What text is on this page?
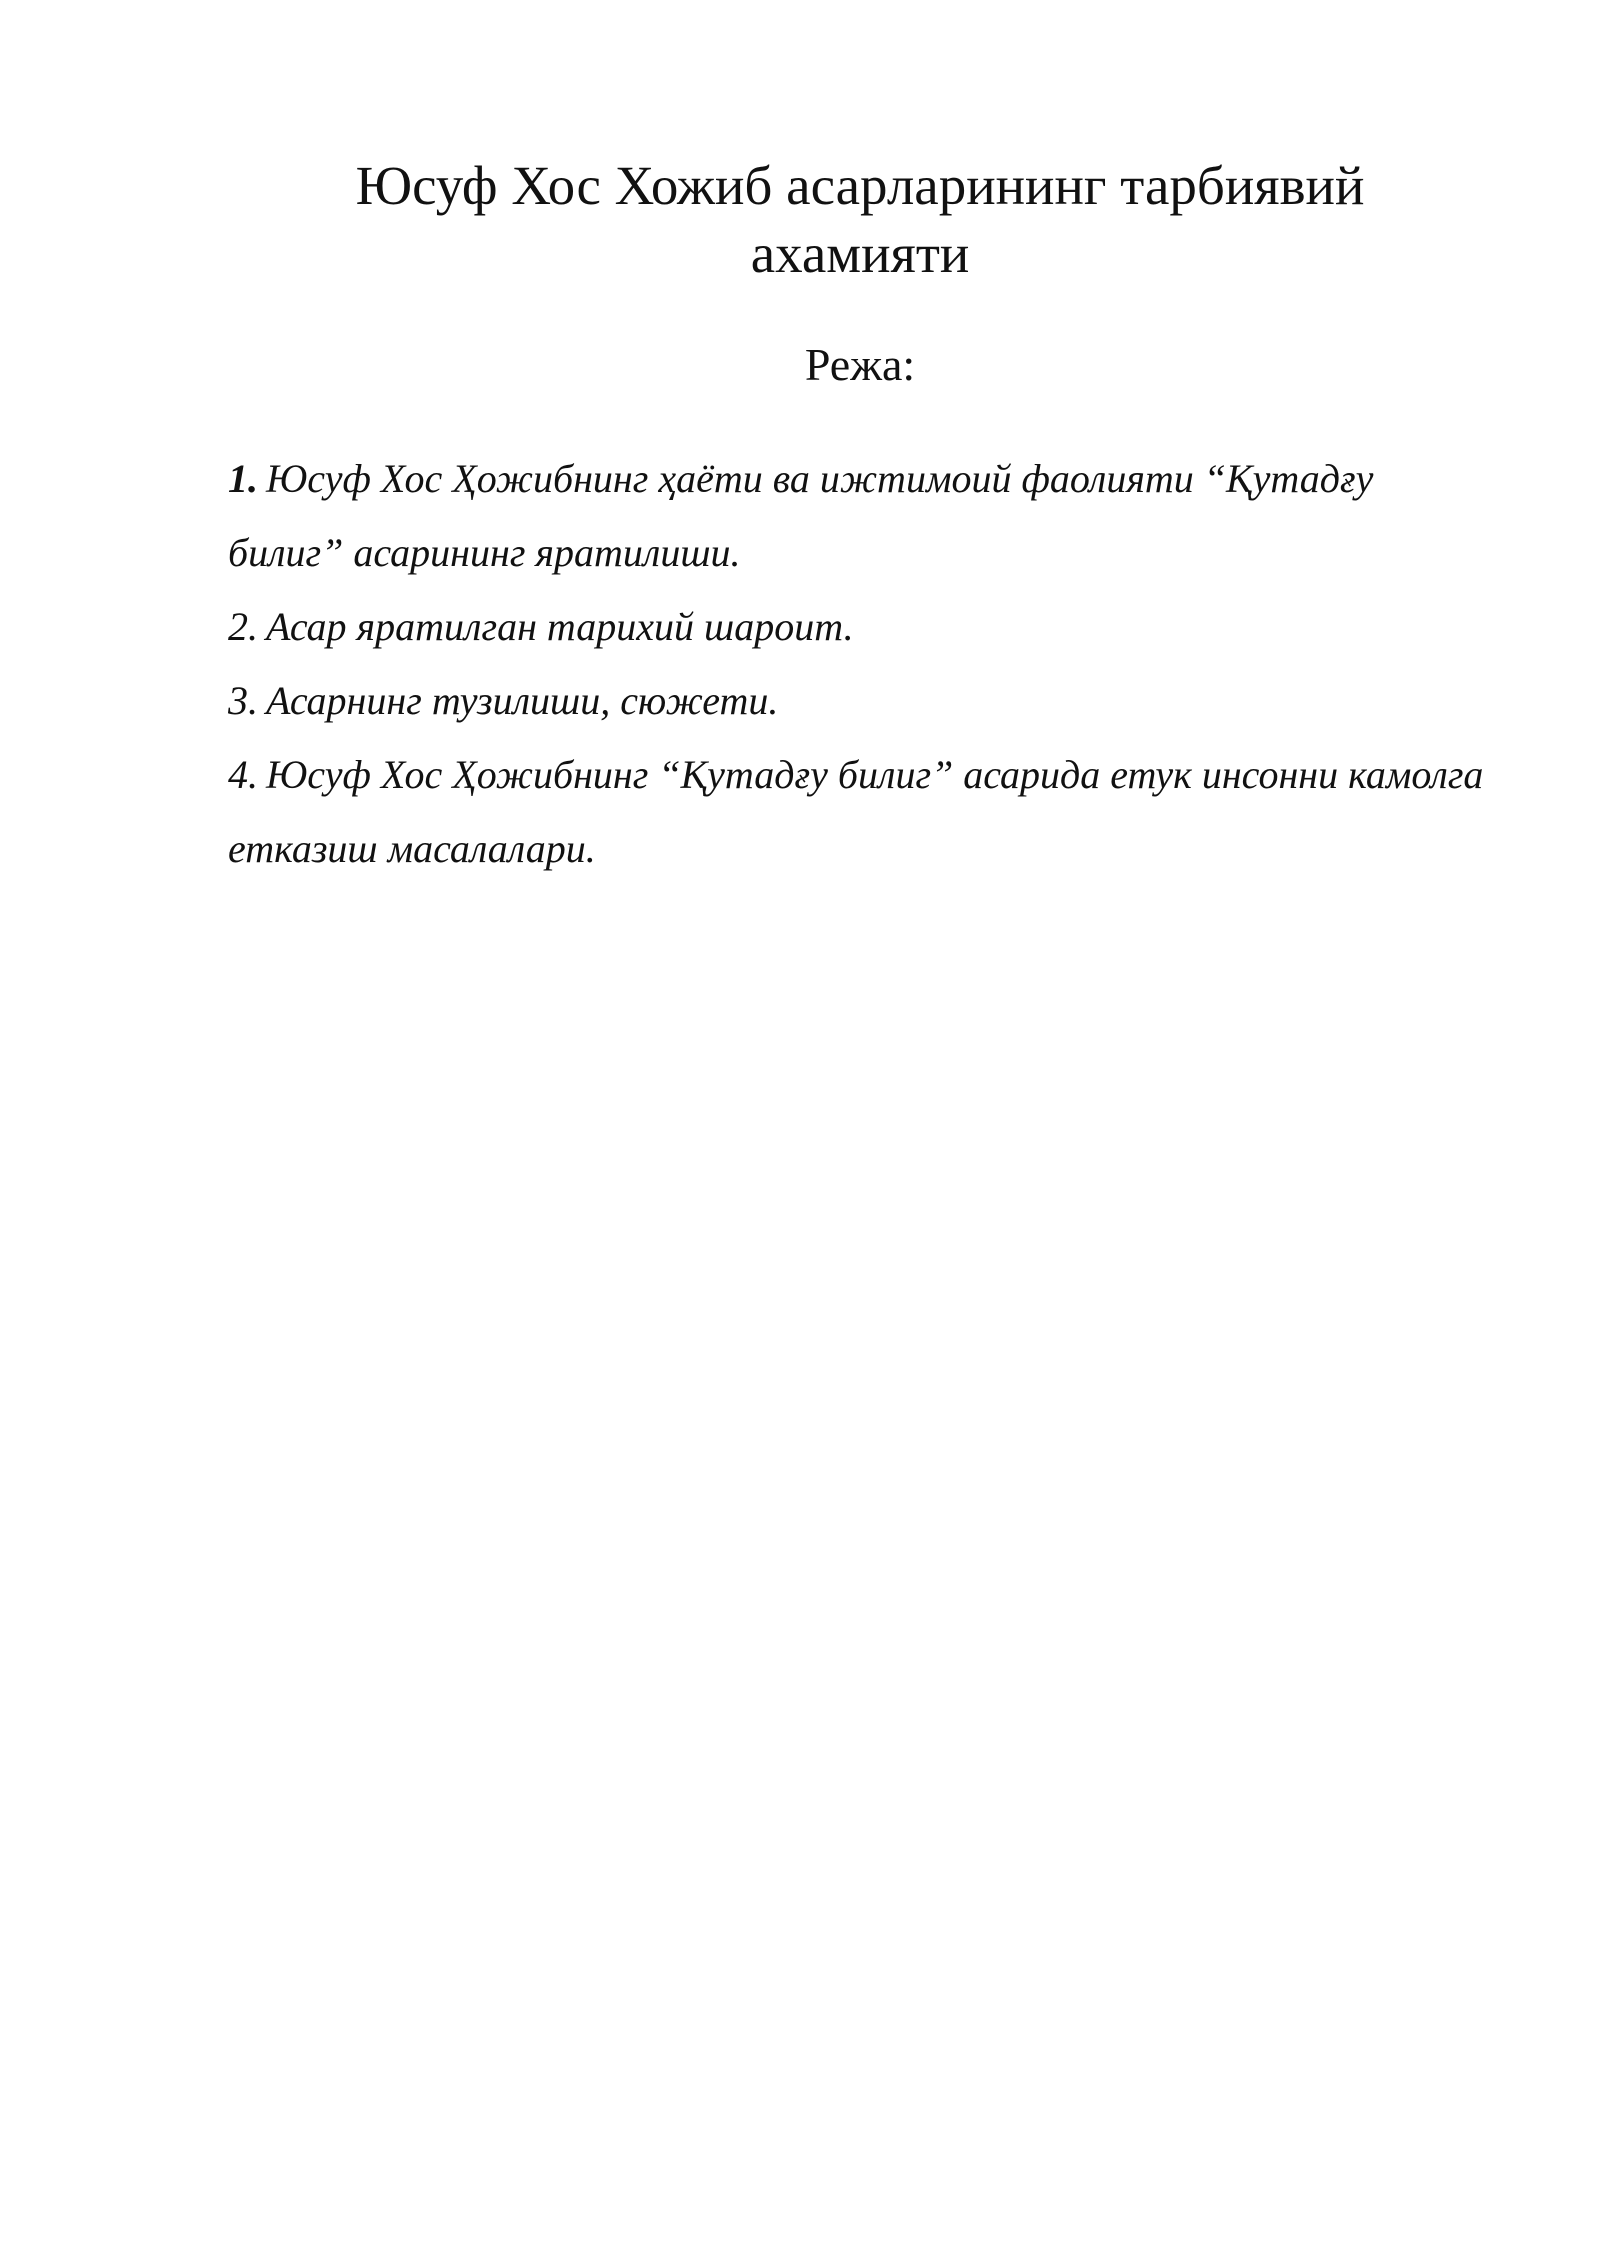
Юсуф Хос Хожиб асарларининг тарбиявий
ахамияти

Режа:

1. Юсуф Хос Ҳожибнинг ҳаёти ва ижтимоий фаолияти “Қутадғу билиг” асарининг яратилиши.
2. Асар яратилган тарихий шароит.
3. Асарнинг тузилиши, сюжети.
4. Юсуф Хос Ҳожибнинг “Қутадғу билиг” асарида етук инсонни камолга етказиш масалалари.
